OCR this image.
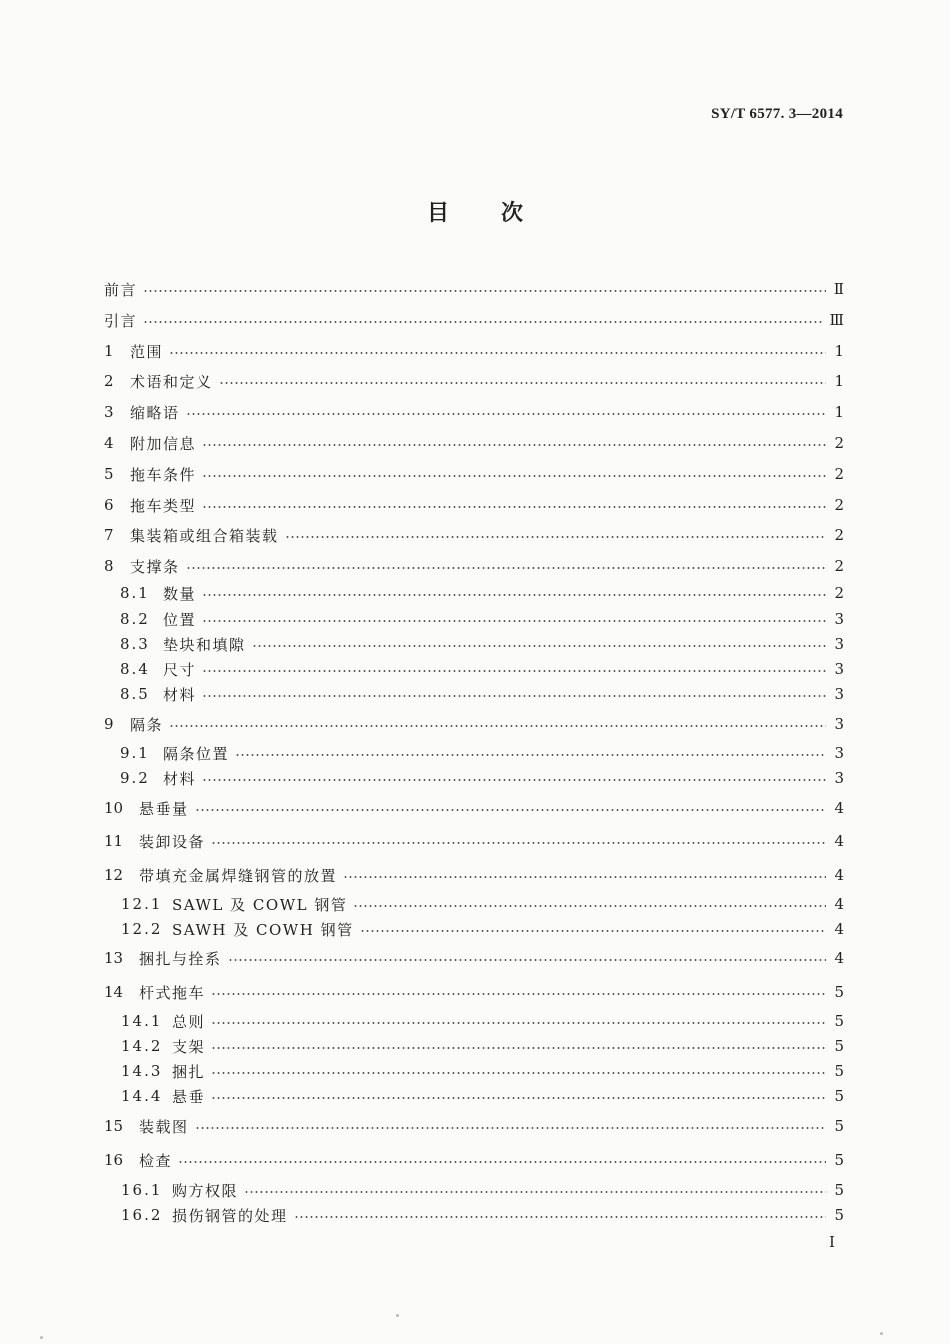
SY/T 6577. 3—2014
目次
前言	Ⅱ
引言	Ⅲ
1	范围	1
2	术语和定义	1
3	缩略语	1
4	附加信息	2
5	拖车条件	2
6	拖车类型	2
7	集装箱或组合箱装载	2
8	支撑条	2
8.1 数量	2
8.2 位置	3
8.3 垫块和填隙	3
8.4 尺寸	3
8.5 材料	3
9	隔条	3
9.1 隔条位置	3
9.2 材料	3
10	悬垂量	4
11	装卸设备	4
12	带填充金属焊缝钢管的放置	4
12.1 SAWL 及 COWL 钢管	4
12.2 SAWH 及 COWH 钢管	4
13	捆扎与拴系	4
14	杆式拖车	5
14.1 总则	5
14.2 支架	5
14.3 捆扎	5
14.4 悬垂	5
15	装载图	5
16	检查	5
16.1 购方权限	5
16.2 损伤钢管的处理	5
I
